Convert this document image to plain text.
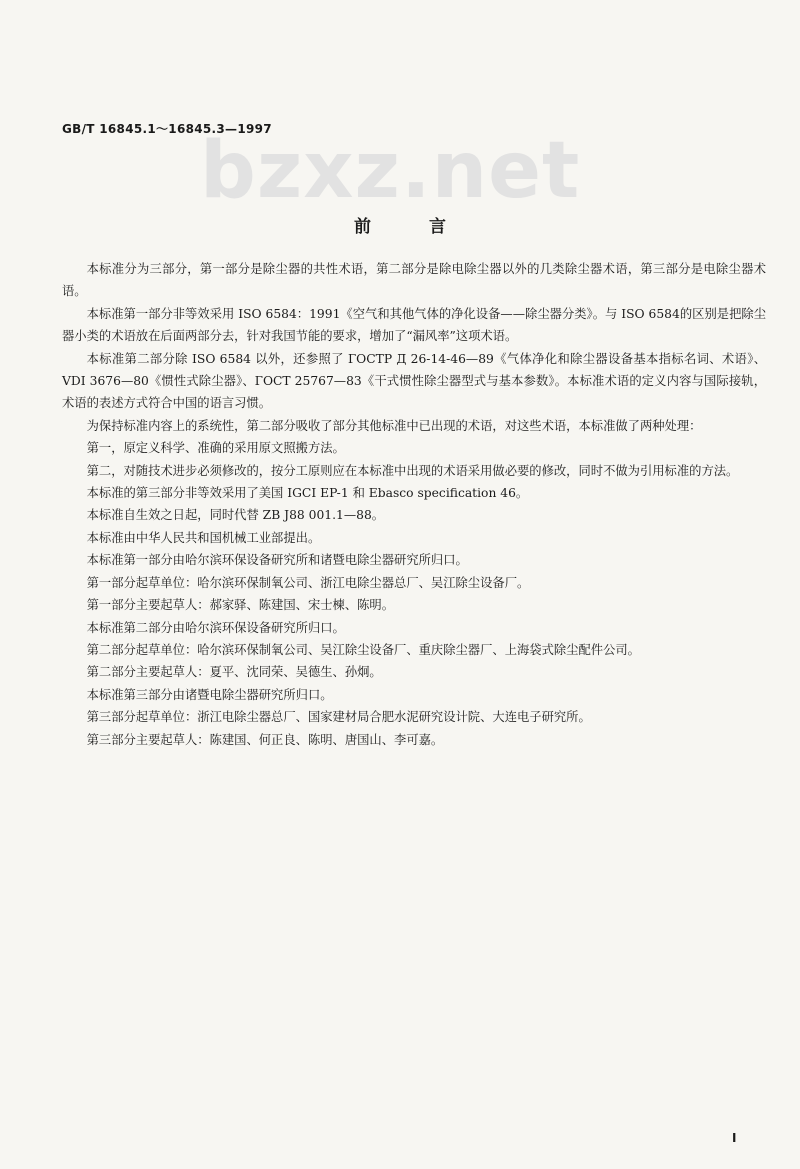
GB/T 16845.1～16845.3—1997
bzxz.net
前 言

本标准分为三部分，第一部分是除尘器的共性术语，第二部分是除电除尘器以外的几类除尘器术语，第三部分是电除尘器术语。

本标准第一部分非等效采用 ISO 6584：1991《空气和其他气体的净化设备——除尘器分类》。与 ISO 6584的区别是把除尘器小类的术语放在后面两部分去，针对我国节能的要求，增加了“漏风率”这项术语。

本标准第二部分除 ISO 6584 以外，还参照了 ГОСТР Д 26-14-46—89《气体净化和除尘器设备基本指标名词、术语》、VDI 3676—80《惯性式除尘器》、ГОСТ 25767—83《干式惯性除尘器型式与基本参数》。本标准术语的定义内容与国际接轨，术语的表述方式符合中国的语言习惯。

为保持标准内容上的系统性，第二部分吸收了部分其他标准中已出现的术语，对这些术语，本标准做了两种处理：

第一，原定义科学、准确的采用原文照搬方法。

第二，对随技术进步必须修改的，按分工原则应在本标准中出现的术语采用做必要的修改，同时不做为引用标准的方法。

本标准的第三部分非等效采用了美国 IGCI EP-1 和 Ebasco specification 46。

本标准自生效之日起，同时代替 ZB J88 001.1—88。

本标准由中华人民共和国机械工业部提出。

本标准第一部分由哈尔滨环保设备研究所和诸暨电除尘器研究所归口。

第一部分起草单位：哈尔滨环保制氧公司、浙江电除尘器总厂、吴江除尘设备厂。

第一部分主要起草人：郝家驿、陈建国、宋士楝、陈明。

本标准第二部分由哈尔滨环保设备研究所归口。

第二部分起草单位：哈尔滨环保制氧公司、吴江除尘设备厂、重庆除尘器厂、上海袋式除尘配件公司。

第二部分主要起草人：夏平、沈同荣、吴德生、孙炯。

本标准第三部分由诸暨电除尘器研究所归口。

第三部分起草单位：浙江电除尘器总厂、国家建材局合肥水泥研究设计院、大连电子研究所。

第三部分主要起草人：陈建国、何正良、陈明、唐国山、李可嘉。

I
